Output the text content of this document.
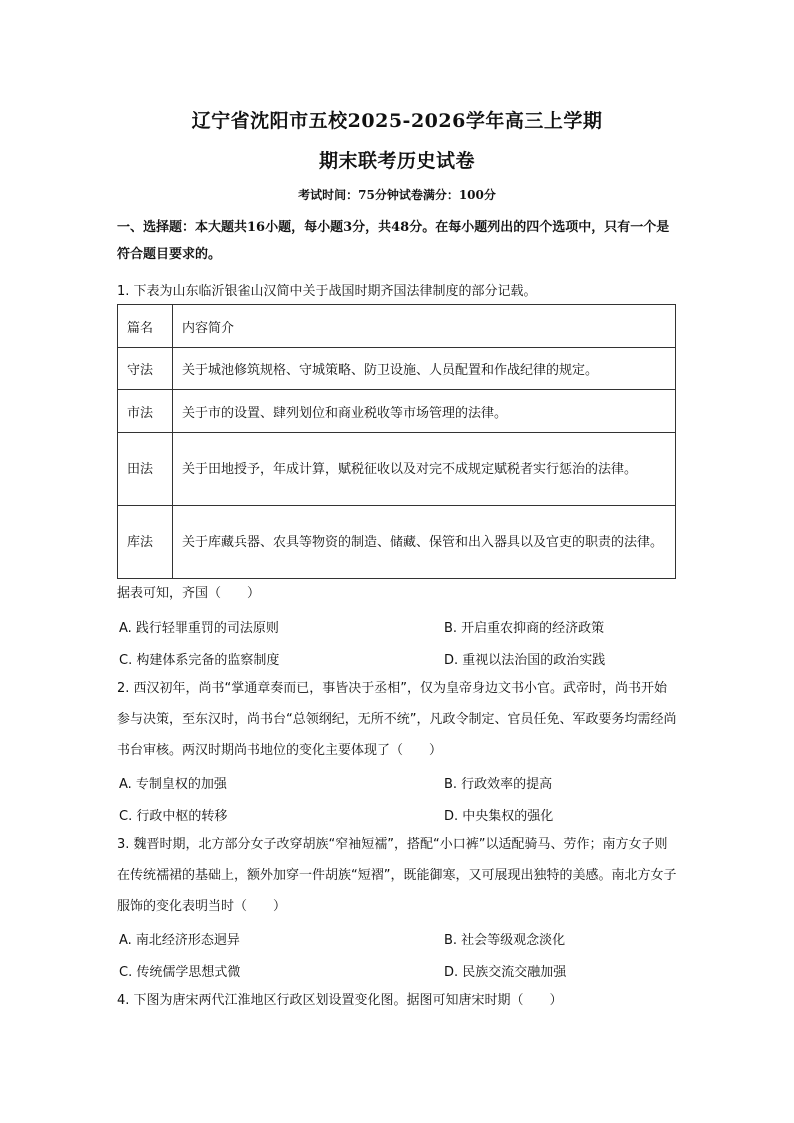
辽宁省沈阳市五校2025-2026学年高三上学期
期末联考历史试卷
考试时间：75分钟试卷满分：100分
一、选择题：本大题共16小题，每小题3分，共48分。在每小题列出的四个选项中，只有一个是符合题目要求的。
1. 下表为山东临沂银雀山汉简中关于战国时期齐国法律制度的部分记载。
篇名	内容简介
守法	关于城池修筑规格、守城策略、防卫设施、人员配置和作战纪律的规定。
市法	关于市的设置、肆列划位和商业税收等市场管理的法律。
田法	关于田地授予，年成计算，赋税征收以及对完不成规定赋税者实行惩治的法律。
库法	关于库藏兵器、农具等物资的制造、储藏、保管和出入器具以及官吏的职责的法律。
据表可知，齐国（　　）
A. 践行轻罪重罚的司法原则	B. 开启重农抑商的经济政策
C. 构建体系完备的监察制度	D. 重视以法治国的政治实践
2. 西汉初年，尚书“掌通章奏而已，事皆决于丞相”，仅为皇帝身边文书小官。武帝时，尚书开始参与决策，至东汉时，尚书台“总领纲纪，无所不统”，凡政令制定、官员任免、军政要务均需经尚书台审核。两汉时期尚书地位的变化主要体现了（　　）
A. 专制皇权的加强	B. 行政效率的提高
C. 行政中枢的转移	D. 中央集权的强化
3. 魏晋时期，北方部分女子改穿胡族“窄袖短襦”，搭配“小口裤”以适配骑马、劳作；南方女子则在传统襦裙的基础上，额外加穿一件胡族“短褶”，既能御寒，又可展现出独特的美感。南北方女子服饰的变化表明当时（　　）
A. 南北经济形态迥异	B. 社会等级观念淡化
C. 传统儒学思想式微	D. 民族交流交融加强
4. 下图为唐宋两代江淮地区行政区划设置变化图。据图可知唐宋时期（　　）
